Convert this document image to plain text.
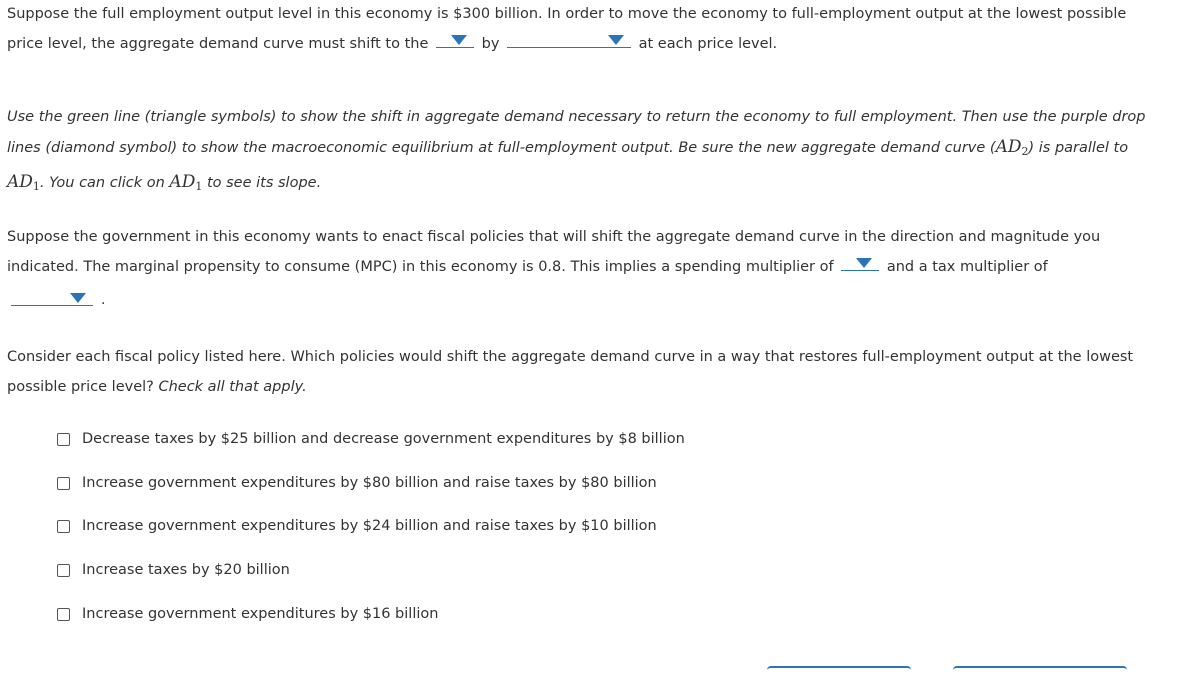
Suppose the full employment output level in this economy is $300 billion. In order to move the economy to full-employment output at the lowest possible price level, the aggregate demand curve must shift to the	by	at each price level.
Use the green line (triangle symbols) to show the shift in aggregate demand necessary to return the economy to full employment. Then use the purple drop lines (diamond symbol) to show the macroeconomic equilibrium at full-employment output. Be sure the new aggregate demand curve $(AD_2)$ is parallel to $AD_1$. You can click on $AD_1$ to see its slope.
Suppose the government in this economy wants to enact fiscal policies that will shift the aggregate demand curve in the direction and magnitude you indicated. The marginal propensity to consume (MPC) in this economy is 0.8. This implies a spending multiplier of	and a tax multiplier of
.
Consider each fiscal policy listed here. Which policies would shift the aggregate demand curve in a way that restores full-employment output at the lowest possible price level? Check all that apply.
Decrease taxes by $25 billion and decrease government expenditures by $8 billion
Increase government expenditures by $80 billion and raise taxes by $80 billion
Increase government expenditures by $24 billion and raise taxes by $10 billion
Increase taxes by $20 billion
Increase government expenditures by $16 billion
